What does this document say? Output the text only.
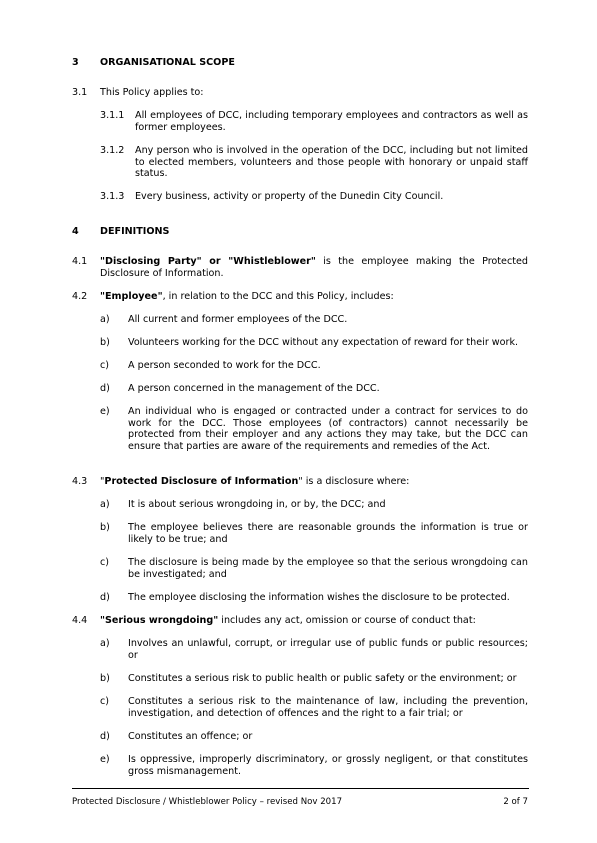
3 ORGANISATIONAL SCOPE
3.1 This Policy applies to:
3.1.1 All employees of DCC, including temporary employees and contractors as well as former employees.
3.1.2 Any person who is involved in the operation of the DCC, including but not limited to elected members, volunteers and those people with honorary or unpaid staff status.
3.1.3 Every business, activity or property of the Dunedin City Council.
4 DEFINITIONS
4.1 "Disclosing Party" or "Whistleblower" is the employee making the Protected Disclosure of Information.
4.2 "Employee", in relation to the DCC and this Policy, includes:
a) All current and former employees of the DCC.
b) Volunteers working for the DCC without any expectation of reward for their work.
c) A person seconded to work for the DCC.
d) A person concerned in the management of the DCC.
e) An individual who is engaged or contracted under a contract for services to do work for the DCC. Those employees (of contractors) cannot necessarily be protected from their employer and any actions they may take, but the DCC can ensure that parties are aware of the requirements and remedies of the Act.
4.3 "Protected Disclosure of Information" is a disclosure where:
a) It is about serious wrongdoing in, or by, the DCC; and
b) The employee believes there are reasonable grounds the information is true or likely to be true; and
c) The disclosure is being made by the employee so that the serious wrongdoing can be investigated; and
d) The employee disclosing the information wishes the disclosure to be protected.
4.4 "Serious wrongdoing" includes any act, omission or course of conduct that:
a) Involves an unlawful, corrupt, or irregular use of public funds or public resources; or
b) Constitutes a serious risk to public health or public safety or the environment; or
c) Constitutes a serious risk to the maintenance of law, including the prevention, investigation, and detection of offences and the right to a fair trial; or
d) Constitutes an offence; or
e) Is oppressive, improperly discriminatory, or grossly negligent, or that constitutes gross mismanagement.
Protected Disclosure / Whistleblower Policy – revised Nov 2017	2 of 7
